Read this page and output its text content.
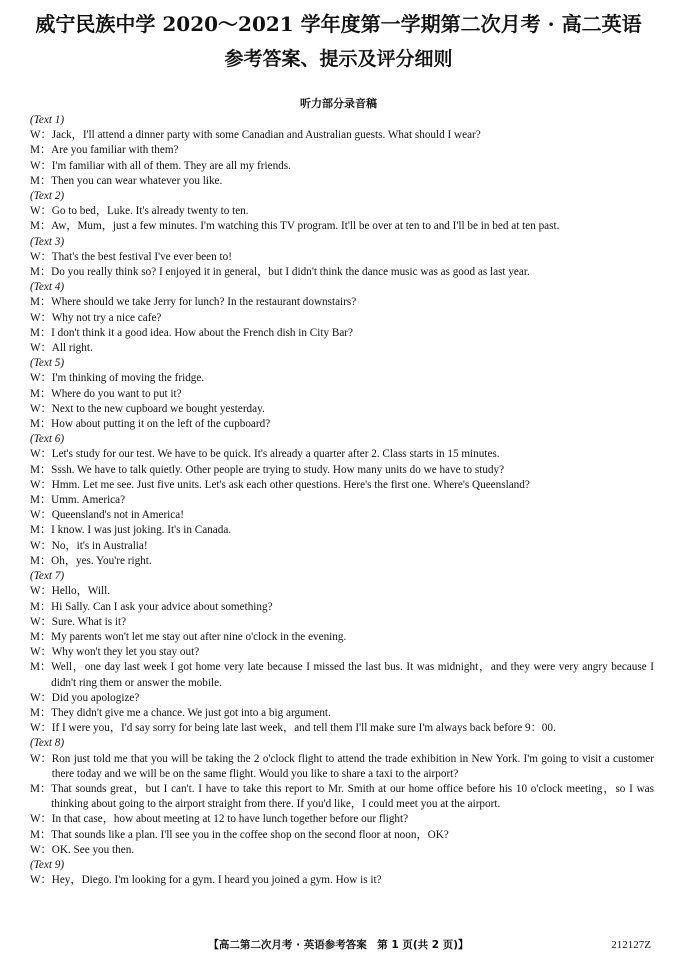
威宁民族中学 2020～2021 学年度第一学期第二次月考 · 高二英语
参考答案、提示及评分细则
听力部分录音稿
(Text 1)
W： Jack，I'll attend a dinner party with some Canadian and Australian guests. What should I wear?
M： Are you familiar with them?
W： I'm familiar with all of them. They are all my friends.
M： Then you can wear whatever you like.
(Text 2)
W： Go to bed，Luke. It's already twenty to ten.
M： Aw，Mum，just a few minutes. I'm watching this TV program. It'll be over at ten to and I'll be in bed at ten past.
(Text 3)
W： That's the best festival I've ever been to!
M： Do you really think so? I enjoyed it in general，but I didn't think the dance music was as good as last year.
(Text 4)
M： Where should we take Jerry for lunch? In the restaurant downstairs?
W： Why not try a nice cafe?
M： I don't think it a good idea. How about the French dish in City Bar?
W： All right.
(Text 5)
W： I'm thinking of moving the fridge.
M： Where do you want to put it?
W： Next to the new cupboard we bought yesterday.
M： How about putting it on the left of the cupboard?
(Text 6)
W： Let's study for our test. We have to be quick. It's already a quarter after 2. Class starts in 15 minutes.
M： Sssh. We have to talk quietly. Other people are trying to study. How many units do we have to study?
W： Hmm. Let me see. Just five units. Let's ask each other questions. Here's the first one. Where's Queensland?
M： Umm. America?
W： Queensland's not in America!
M： I know. I was just joking. It's in Canada.
W： No，it's in Australia!
M： Oh，yes. You're right.
(Text 7)
W： Hello，Will.
M： Hi Sally. Can I ask your advice about something?
W： Sure. What is it?
M： My parents won't let me stay out after nine o'clock in the evening.
W： Why won't they let you stay out?
M： Well，one day last week I got home very late because I missed the last bus. It was midnight，and they were very angry because I didn't ring them or answer the mobile.
W： Did you apologize?
M： They didn't give me a chance. We just got into a big argument.
W： If I were you，I'd say sorry for being late last week，and tell them I'll make sure I'm always back before 9：00.
(Text 8)
W： Ron just told me that you will be taking the 2 o'clock flight to attend the trade exhibition in New York. I'm going to visit a customer there today and we will be on the same flight. Would you like to share a taxi to the airport?
M： That sounds great，but I can't. I have to take this report to Mr. Smith at our home office before his 10 o'clock meeting，so I was thinking about going to the airport straight from there. If you'd like，I could meet you at the airport.
W： In that case，how about meeting at 12 to have lunch together before our flight?
M： That sounds like a plan. I'll see you in the coffee shop on the second floor at noon，OK?
W： OK. See you then.
(Text 9)
W： Hey，Diego. I'm looking for a gym. I heard you joined a gym. How is it?
【高二第二次月考 · 英语参考答案　第 1 页(共 2 页)】	212127Z
